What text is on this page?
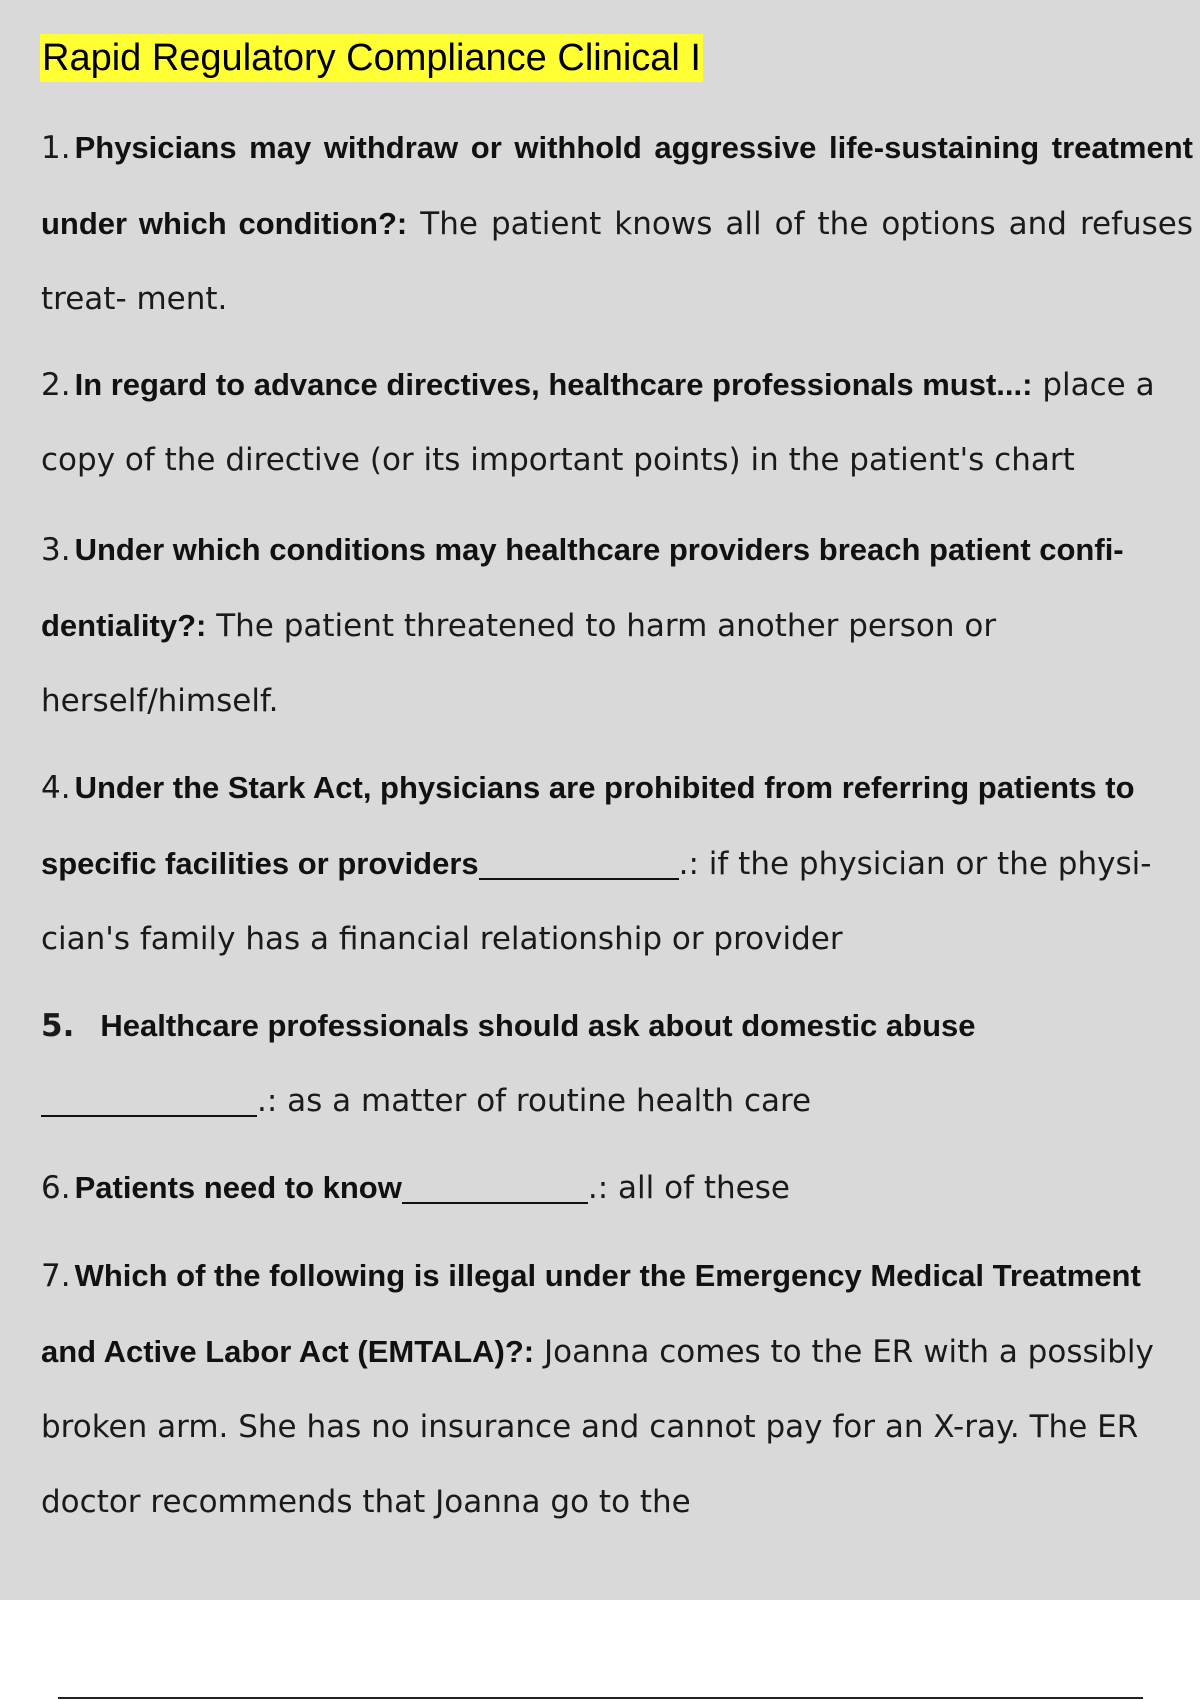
Rapid Regulatory Compliance Clinical I
1. Physicians may withdraw or withhold aggressive life-sustaining treatment under which condition?: The patient knows all of the options and refuses treat- ment.
2. In regard to advance directives, healthcare professionals must...: place a copy of the directive (or its important points) in the patient's chart
3. Under which conditions may healthcare providers breach patient confi- dentiality?: The patient threatened to harm another person or herself/himself.
4. Under the Stark Act, physicians are prohibited from referring patients to specific facilities or providers	.: if the physician or the physi- cian's family has a financial relationship or provider
5. Healthcare professionals should ask about domestic abuse
.: as a matter of routine health care
6. Patients need to know	.: all of these
7. Which of the following is illegal under the Emergency Medical Treatment and Active Labor Act (EMTALA)?: Joanna comes to the ER with a possibly broken arm. She has no insurance and cannot pay for an X-ray. The ER doctor recommends that Joanna go to the
